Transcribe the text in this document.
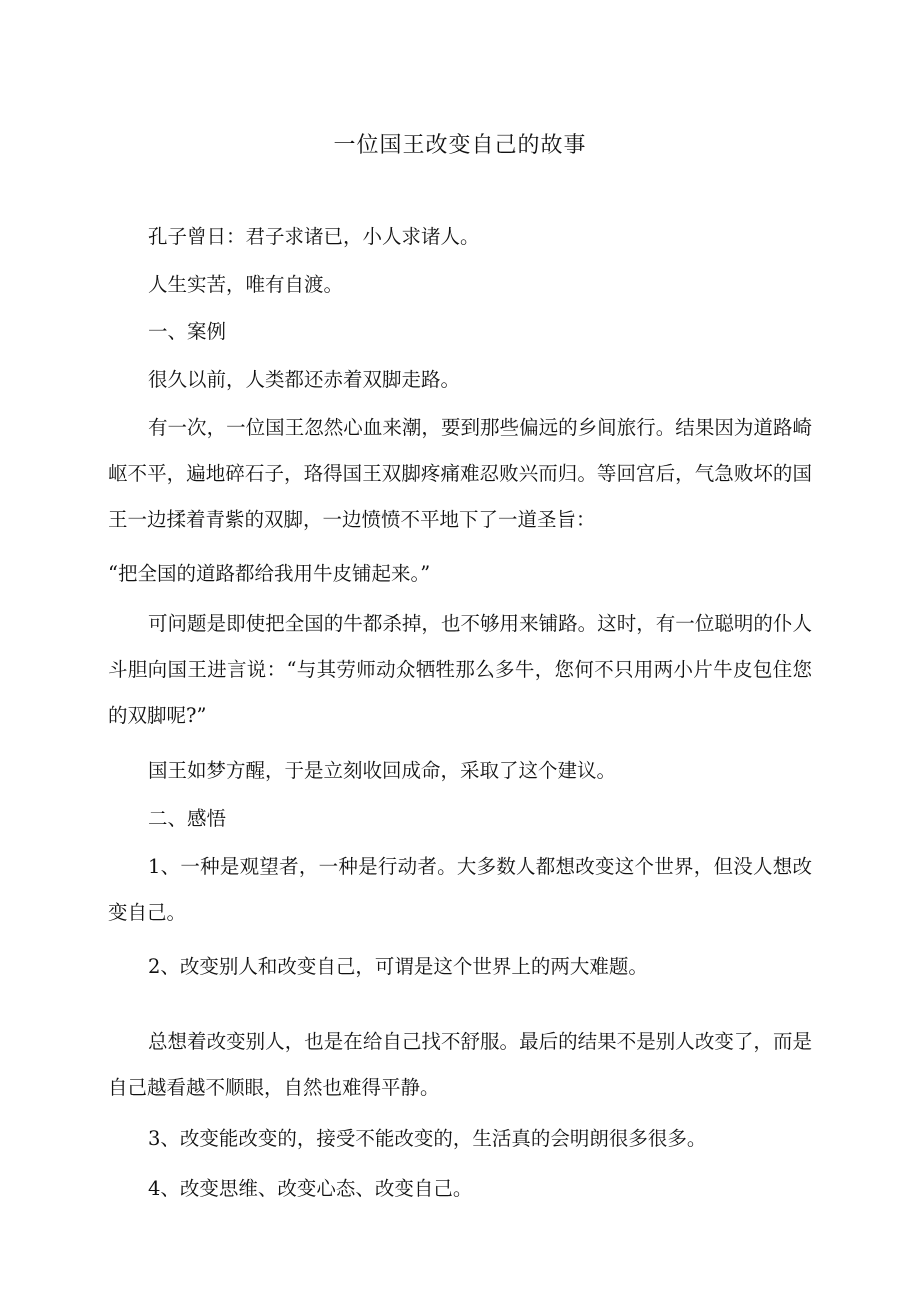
一位国王改变自己的故事

孔子曾日：君子求诸已，小人求诸人。

人生实苦，唯有自渡。

一、案例

很久以前，人类都还赤着双脚走路。

有一次，一位国王忽然心血来潮，要到那些偏远的乡间旅行。结果因为道路崎岖不平，遍地碎石子，珞得国王双脚疼痛难忍败兴而归。等回宫后，气急败坏的国王一边揉着青紫的双脚，一边愤愤不平地下了一道圣旨：

“把全国的道路都给我用牛皮铺起来。”

可问题是即使把全国的牛都杀掉，也不够用来铺路。这时，有一位聪明的仆人斗胆向国王进言说：“与其劳师动众牺牲那么多牛，您何不只用两小片牛皮包住您的双脚呢?”

国王如梦方醒，于是立刻收回成命，采取了这个建议。

二、感悟

1、一种是观望者，一种是行动者。大多数人都想改变这个世界，但没人想改变自己。

2、改变别人和改变自己，可谓是这个世界上的两大难题。

总想着改变别人，也是在给自己找不舒服。最后的结果不是别人改变了，而是自己越看越不顺眼，自然也难得平静。

3、改变能改变的，接受不能改变的，生活真的会明朗很多很多。

4、改变思维、改变心态、改变自己。
